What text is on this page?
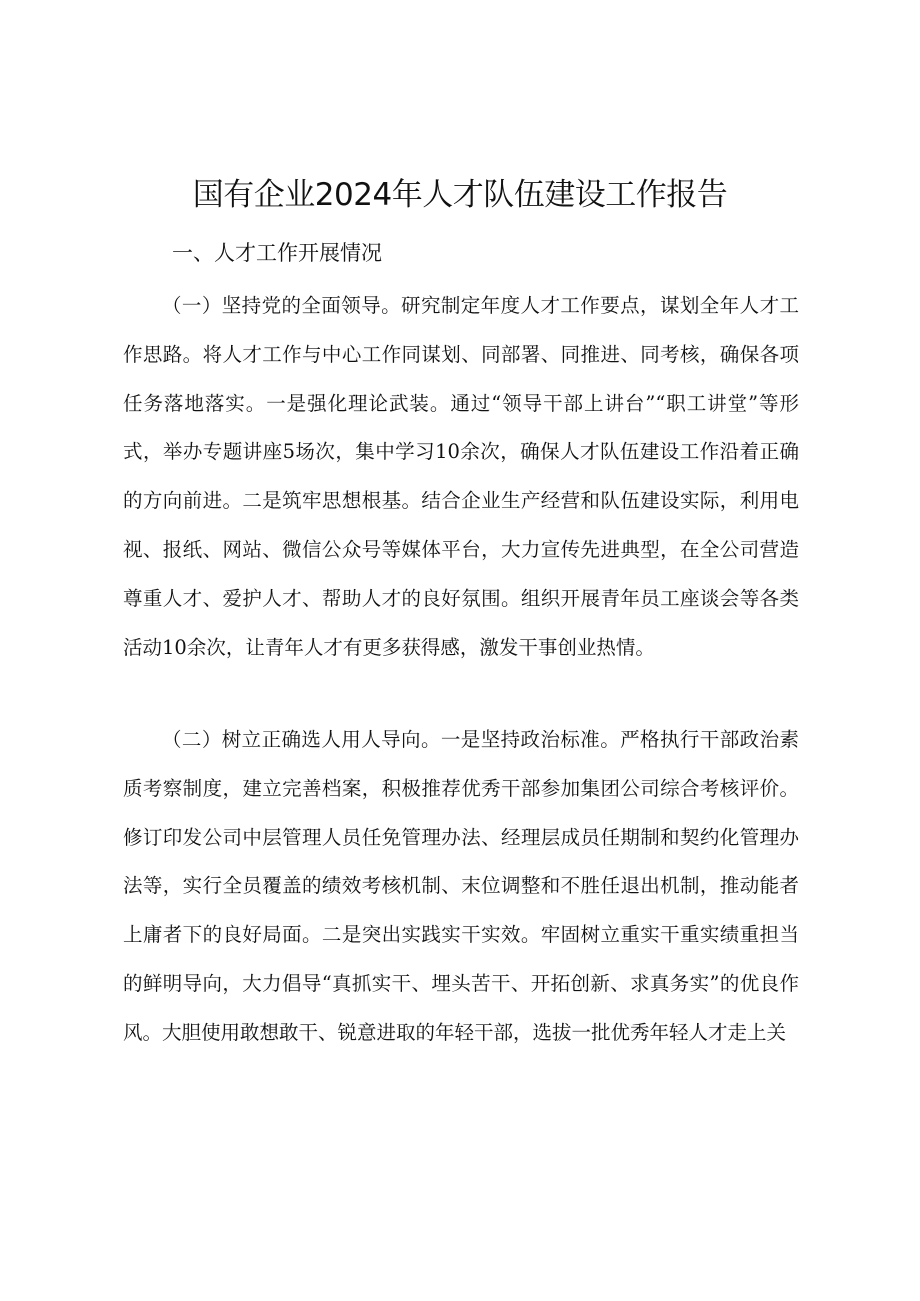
国有企业2024年人才队伍建设工作报告
一、人才工作开展情况

（一）坚持党的全面领导。研究制定年度人才工作要点，谋划全年人才工作思路。将人才工作与中心工作同谋划、同部署、同推进、同考核，确保各项任务落地落实。一是强化理论武装。通过“领导干部上讲台”“职工讲堂”等形式，举办专题讲座5场次，集中学习10余次，确保人才队伍建设工作沿着正确的方向前进。二是筑牢思想根基。结合企业生产经营和队伍建设实际，利用电视、报纸、网站、微信公众号等媒体平台，大力宣传先进典型，在全公司营造尊重人才、爱护人才、帮助人才的良好氛围。组织开展青年员工座谈会等各类活动10余次，让青年人才有更多获得感，激发干事创业热情。

（二）树立正确选人用人导向。一是坚持政治标准。严格执行干部政治素质考察制度，建立完善档案，积极推荐优秀干部参加集团公司综合考核评价。修订印发公司中层管理人员任免管理办法、经理层成员任期制和契约化管理办法等，实行全员覆盖的绩效考核机制、末位调整和不胜任退出机制，推动能者上庸者下的良好局面。二是突出实践实干实效。牢固树立重实干重实绩重担当的鲜明导向，大力倡导“真抓实干、埋头苦干、开拓创新、求真务实”的优良作风。大胆使用敢想敢干、锐意进取的年轻干部，选拔一批优秀年轻人才走上关
